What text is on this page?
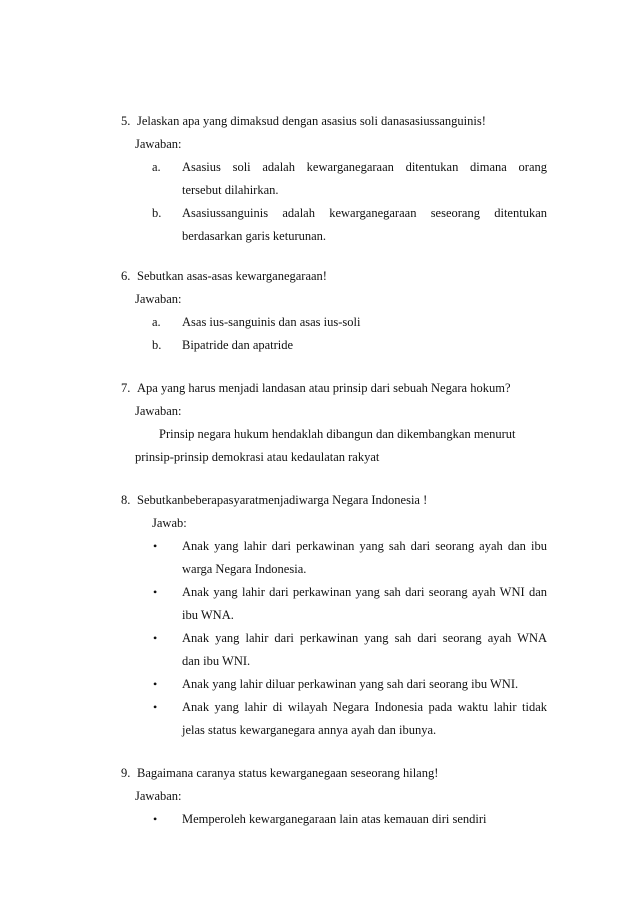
5. Jelaskan apa yang dimaksud dengan asasius soli danasasiussanguinis!
Jawaban:
a. Asasius soli adalah kewarganegaraan ditentukan dimana orang
tersebut dilahirkan.
b. Asasiussanguinis adalah kewarganegaraan seseorang ditentukan
berdasarkan garis keturunan.
6. Sebutkan asas-asas kewarganegaraan!
Jawaban:
a. Asas ius-sanguinis dan asas ius-soli
b. Bipatride dan apatride
7. Apa yang harus menjadi landasan atau prinsip dari sebuah Negara hokum?
Jawaban:
Prinsip negara hukum hendaklah dibangun dan dikembangkan menurut
prinsip-prinsip demokrasi atau kedaulatan rakyat
8. Sebutkanbeberapasyaratmenjadiwarga Negara Indonesia !
Jawab:
• Anak yang lahir dari perkawinan yang sah dari seorang ayah dan ibu
warga Negara Indonesia.
• Anak yang lahir dari perkawinan yang sah dari seorang ayah WNI dan
ibu WNA.
• Anak yang lahir dari perkawinan yang sah dari seorang ayah WNA
dan ibu WNI.
• Anak yang lahir diluar perkawinan yang sah dari seorang ibu WNI.
• Anak yang lahir di wilayah Negara Indonesia pada waktu lahir tidak
jelas status kewarganegara annya ayah dan ibunya.
9. Bagaimana caranya status kewarganegaan seseorang hilang!
Jawaban:
• Memperoleh kewarganegaraan lain atas kemauan diri sendiri
